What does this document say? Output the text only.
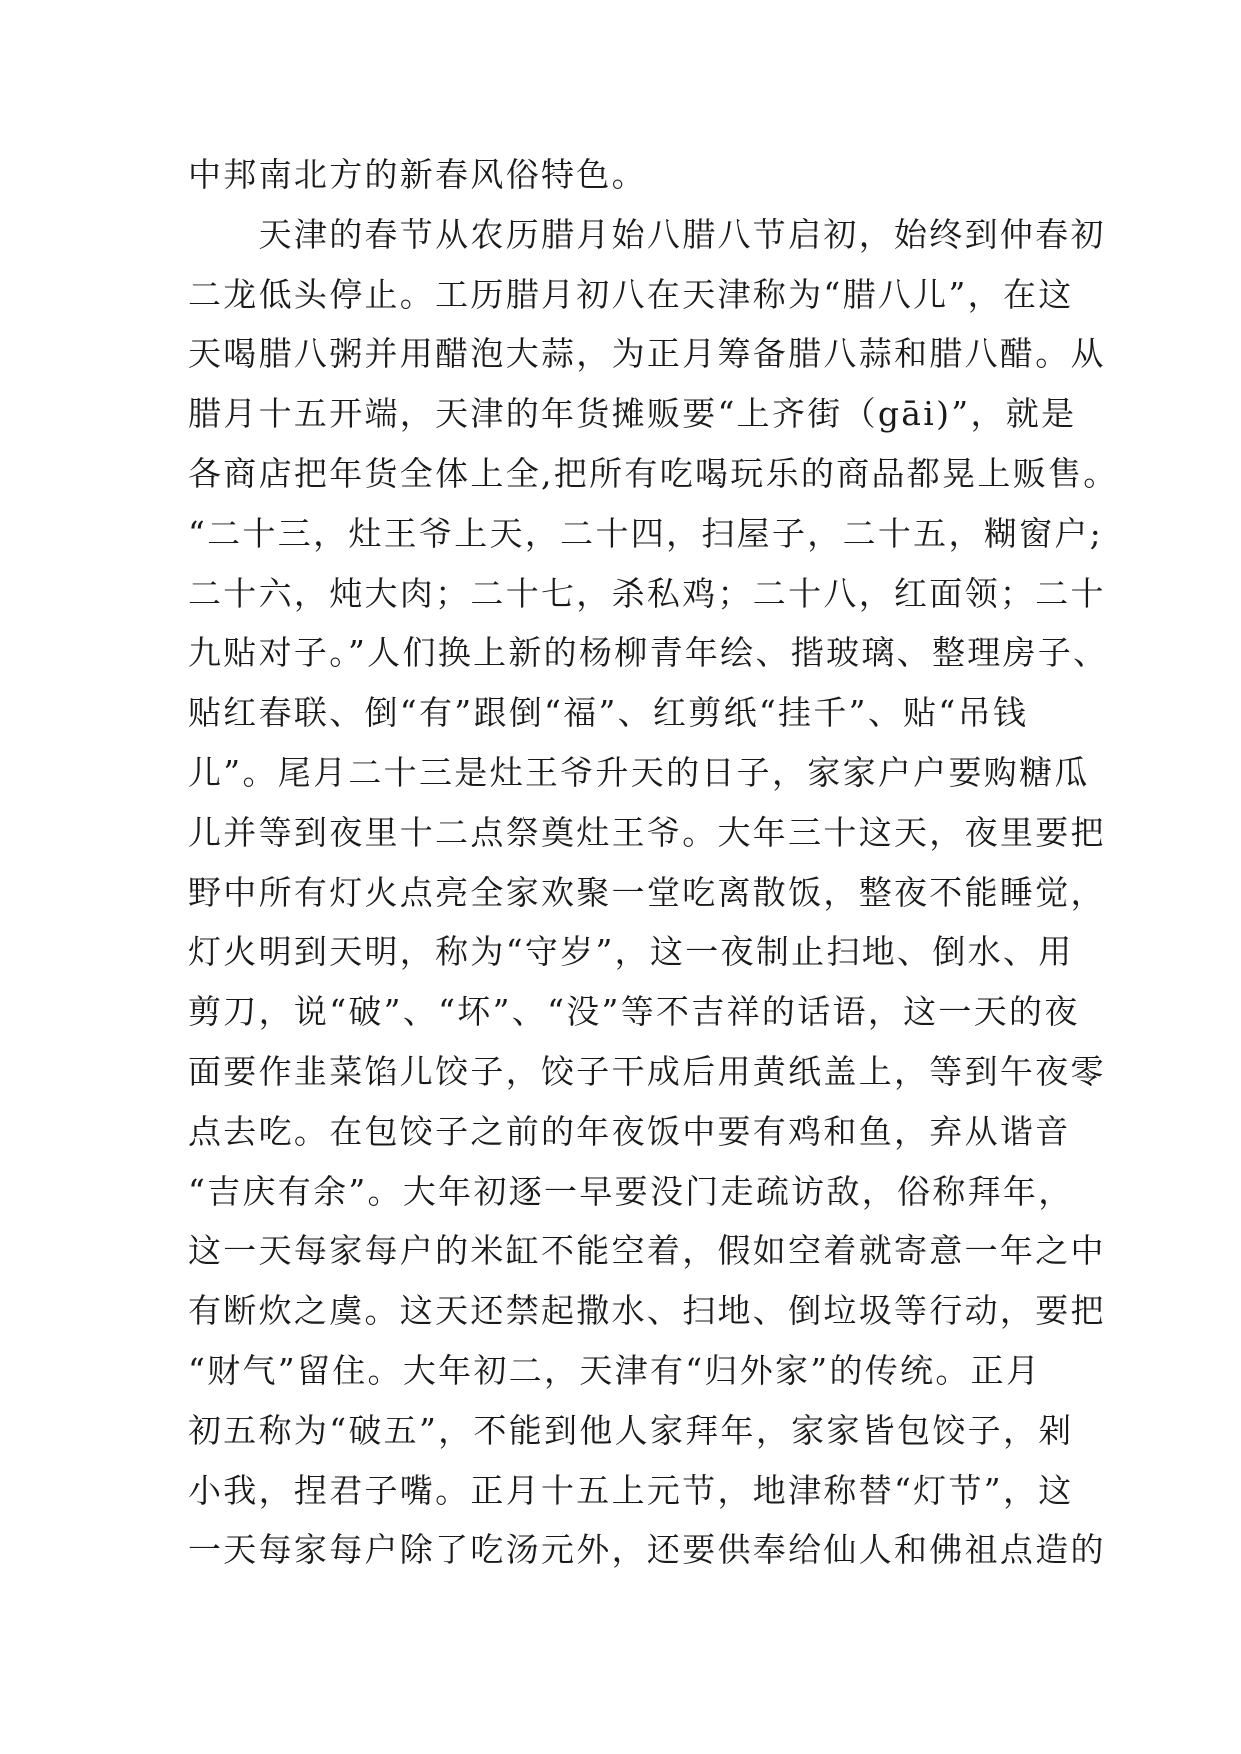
中邦南北方的新春风俗特色。
　　天津的春节从农历腊月始八腊八节启初，始终到仲春初
二龙低头停止。工历腊月初八在天津称为“腊八儿”，在这
天喝腊八粥并用醋泡大蒜，为正月筹备腊八蒜和腊八醋。从
腊月十五开端，天津的年货摊贩要“上齐街（gāi)”，就是
各商店把年货全体上全,把所有吃喝玩乐的商品都晃上贩售。
“二十三，灶王爷上天，二十四，扫屋子，二十五，糊窗户;
二十六，炖大肉；二十七，杀私鸡；二十八，红面领；二十
九贴对子。”人们换上新的杨柳青年绘、揩玻璃、整理房子、
贴红春联、倒“有”跟倒“福”、红剪纸“挂千”、贴“吊钱
儿”。尾月二十三是灶王爷升天的日子，家家户户要购糖瓜
儿并等到夜里十二点祭奠灶王爷。大年三十这天，夜里要把
野中所有灯火点亮全家欢聚一堂吃离散饭，整夜不能睡觉，
灯火明到天明，称为“守岁”，这一夜制止扫地、倒水、用
剪刀，说“破”、“坏”、“没”等不吉祥的话语，这一天的夜
面要作韭菜馅儿饺子，饺子干成后用黄纸盖上，等到午夜零
点去吃。在包饺子之前的年夜饭中要有鸡和鱼，弃从谐音
“吉庆有余”。大年初逐一早要没门走疏访敌，俗称拜年，
这一天每家每户的米缸不能空着，假如空着就寄意一年之中
有断炊之虞。这天还禁起撒水、扫地、倒垃圾等行动，要把
“财气”留住。大年初二，天津有“归外家”的传统。正月
初五称为“破五”，不能到他人家拜年，家家皆包饺子，剁
小我，捏君子嘴。正月十五上元节，地津称替“灯节”，这
一天每家每户除了吃汤元外，还要供奉给仙人和佛祖点造的
